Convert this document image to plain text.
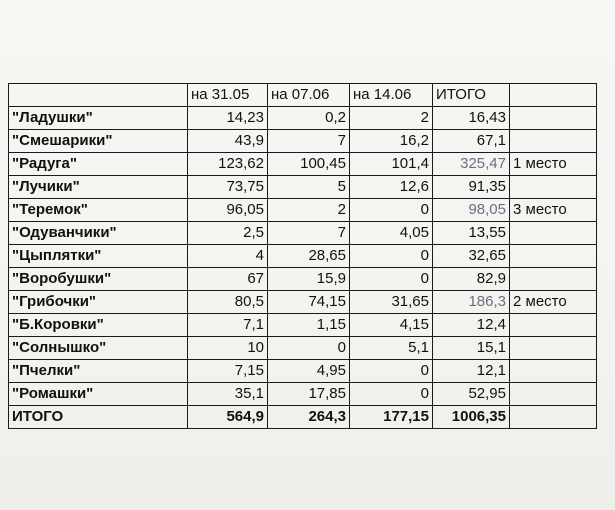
	на 31.05	на 07.06	на 14.06	ИТОГО	
"Ладушки"	14,23	0,2	2	16,43	
"Смешарики"	43,9	7	16,2	67,1	
"Радуга"	123,62	100,45	101,4	325,47	1 место
"Лучики"	73,75	5	12,6	91,35	
"Теремок"	96,05	2	0	98,05	3 место
"Одуванчики"	2,5	7	4,05	13,55	
"Цыплятки"	4	28,65	0	32,65	
"Воробушки"	67	15,9	0	82,9	
"Грибочки"	80,5	74,15	31,65	186,3	2 место
"Б.Коровки"	7,1	1,15	4,15	12,4	
"Солнышко"	10	0	5,1	15,1	
"Пчелки"	7,15	4,95	0	12,1	
"Ромашки"	35,1	17,85	0	52,95	
ИТОГО	564,9	264,3	177,15	1006,35	
